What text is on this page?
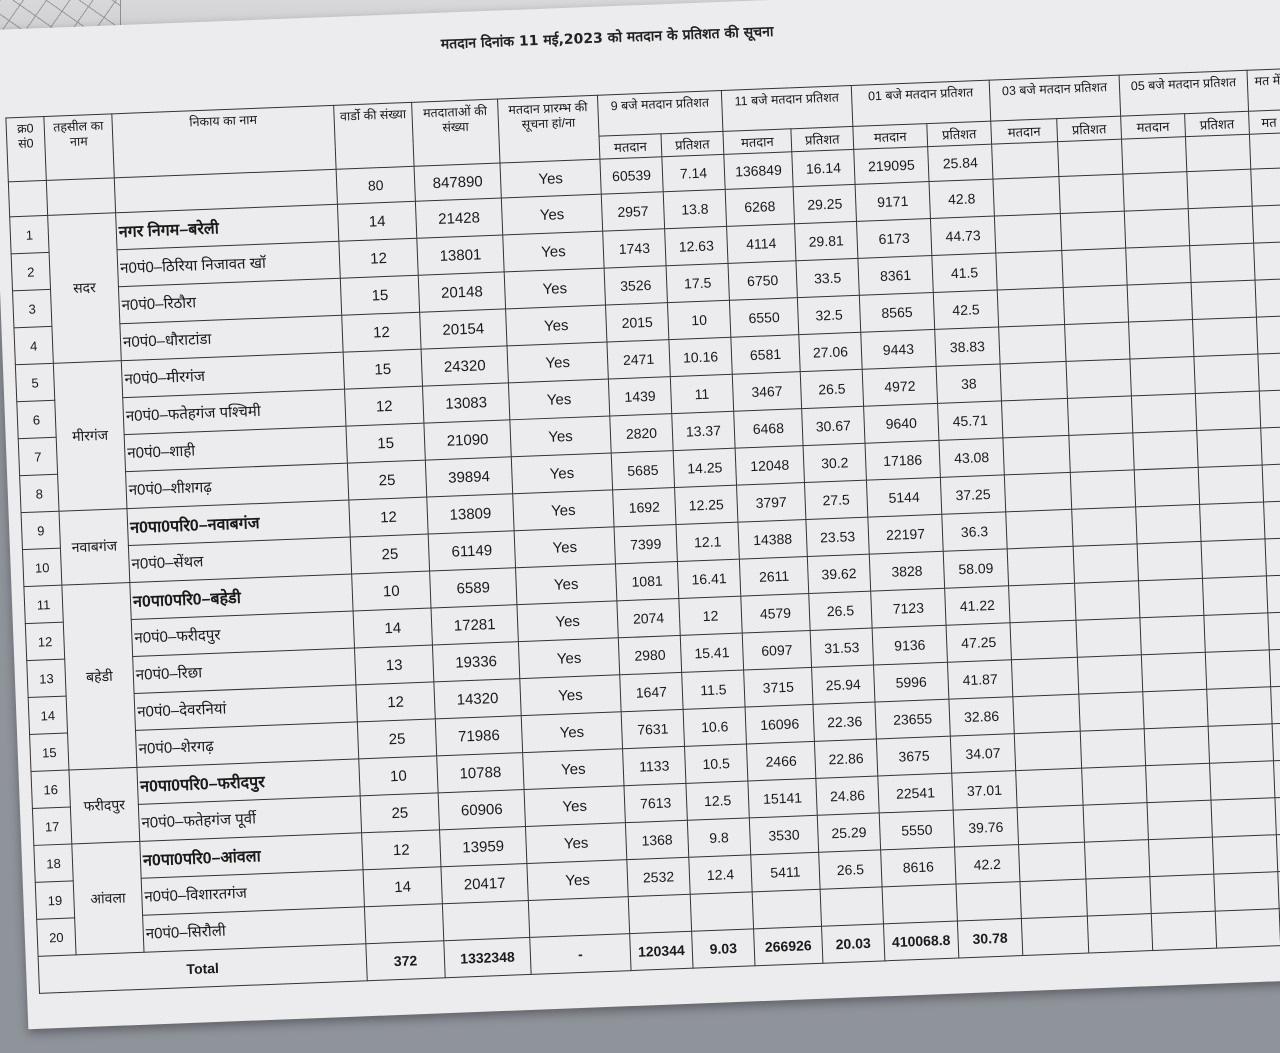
मतदान दिनांक 11 मई,2023 को मतदान के प्रतिशत की सूचना
क्र0 सं0	तहसील का नाम	निकाय का नाम	वार्डो की संख्या	मतदाताओं की संख्या	मतदान प्रारम्भ की सूचना हां/ना	9 बजे मतदान प्रतिशत		11 बजे मतदान प्रतिशत		01 बजे मतदान प्रतिशत		03 बजे मतदान प्रतिशत		05 बजे मतदान प्रतिशत		मत में
						मतदान	प्रतिशत	मतदान	प्रतिशत	मतदान	प्रतिशत	मतदान	प्रतिशत	मतदान	प्रतिशत	मत
			80	847890	Yes	60539	7.14	136849	16.14	219095	25.84					
1	सदर	नगर निगम–बरेली	14	21428	Yes	2957	13.8	6268	29.25	9171	42.8					
2		न0पं0–ठिरिया निजावत खॉ	12	13801	Yes	1743	12.63	4114	29.81	6173	44.73					
3		न0पं0–रिठौरा	15	20148	Yes	3526	17.5	6750	33.5	8361	41.5					
4		न0पं0–धौराटांडा	12	20154	Yes	2015	10	6550	32.5	8565	42.5					
5	मीरगंज	न0पं0–मीरगंज	15	24320	Yes	2471	10.16	6581	27.06	9443	38.83					
6		न0पं0–फतेहगंज पश्चिमी	12	13083	Yes	1439	11	3467	26.5	4972	38					
7		न0पं0–शाही	15	21090	Yes	2820	13.37	6468	30.67	9640	45.71					
8		न0पं0–शीशगढ़	25	39894	Yes	5685	14.25	12048	30.2	17186	43.08					
9	नवाबगंज	न0पा0परि0–नवाबगंज	12	13809	Yes	1692	12.25	3797	27.5	5144	37.25					
10		न0पं0–सेंथल	25	61149	Yes	7399	12.1	14388	23.53	22197	36.3					
11	बहेडी	न0पा0परि0–बहेडी	10	6589	Yes	1081	16.41	2611	39.62	3828	58.09					
12		न0पं0–फरीदपुर	14	17281	Yes	2074	12	4579	26.5	7123	41.22					
13		न0पं0–रिछा	13	19336	Yes	2980	15.41	6097	31.53	9136	47.25					
14		न0पं0–देवरनियां	12	14320	Yes	1647	11.5	3715	25.94	5996	41.87					
15		न0पं0–शेरगढ़	25	71986	Yes	7631	10.6	16096	22.36	23655	32.86					
16	फरीदपुर	न0पा0परि0–फरीदपुर	10	10788	Yes	1133	10.5	2466	22.86	3675	34.07					
17		न0पं0–फतेहगंज पूर्वी	25	60906	Yes	7613	12.5	15141	24.86	22541	37.01					
18	आंवला	न0पा0परि0–आंवला	12	13959	Yes	1368	9.8	3530	25.29	5550	39.76					
19		न0पं0–विशारतगंज	14	20417	Yes	2532	12.4	5411	26.5	8616	42.2					
20		न0पं0–सिरौली														
Total			372	1332348	-	120344	9.03	266926	20.03	410068.8	30.78					
